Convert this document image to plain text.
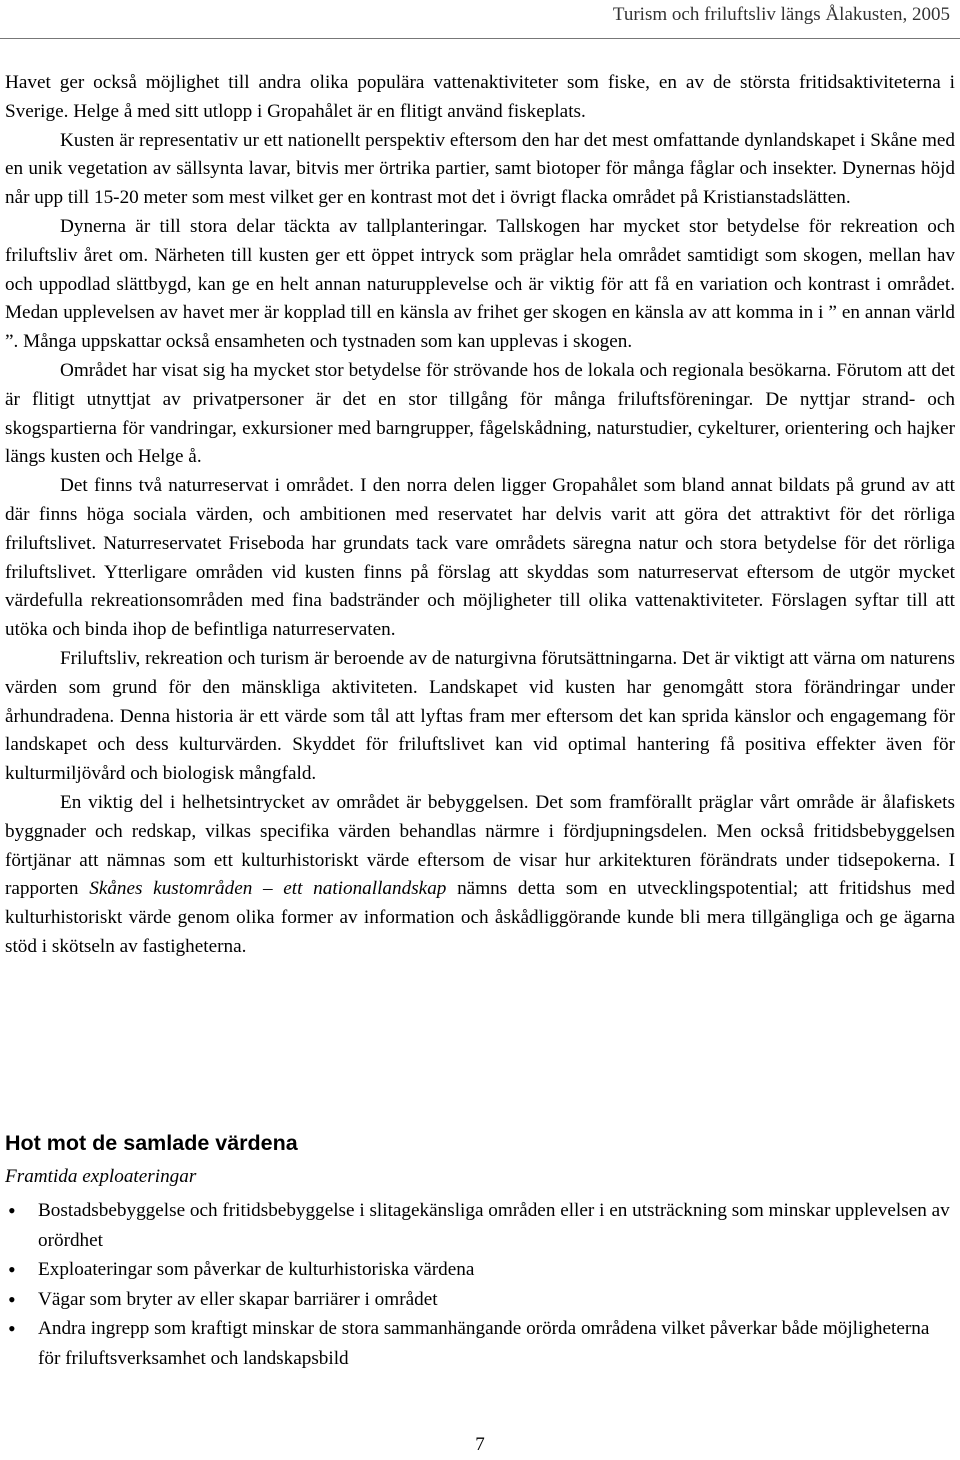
Turism och friluftsliv längs Ålakusten, 2005

Havet ger också möjlighet till andra olika populära vattenaktiviteter som fiske, en av de största fritidsaktiviteterna i Sverige. Helge å med sitt utlopp i Gropahålet är en flitigt använd fiskeplats.

Kusten är representativ ur ett nationellt perspektiv eftersom den har det mest omfattande dynlandskapet i Skåne med en unik vegetation av sällsynta lavar, bitvis mer örtrika partier, samt biotoper för många fåglar och insekter. Dynernas höjd når upp till 15-20 meter som mest vilket ger en kontrast mot det i övrigt flacka området på Kristianstadslätten.

Dynerna är till stora delar täckta av tallplanteringar. Tallskogen har mycket stor betydelse för rekreation och friluftsliv året om. Närheten till kusten ger ett öppet intryck som präglar hela området samtidigt som skogen, mellan hav och uppodlad slättbygd, kan ge en helt annan naturupplevelse och är viktig för att få en variation och kontrast i området. Medan upplevelsen av havet mer är kopplad till en känsla av frihet ger skogen en känsla av att komma in i ” en annan värld ”. Många uppskattar också ensamheten och tystnaden som kan upplevas i skogen.

Området har visat sig ha mycket stor betydelse för strövande hos de lokala och regionala besökarna. Förutom att det är flitigt utnyttjat av privatpersoner är det en stor tillgång för många friluftsföreningar. De nyttjar strand- och skogspartierna för vandringar, exkursioner med barngrupper, fågelskådning, naturstudier, cykelturer, orientering och hajker längs kusten och Helge å.

Det finns två naturreservat i området. I den norra delen ligger Gropahålet som bland annat bildats på grund av att där finns höga sociala värden, och ambitionen med reservatet har delvis varit att göra det attraktivt för det rörliga friluftslivet. Naturreservatet Friseboda har grundats tack vare områdets säregna natur och stora betydelse för det rörliga friluftslivet. Ytterligare områden vid kusten finns på förslag att skyddas som naturreservat eftersom de utgör mycket värdefulla rekreationsområden med fina badstränder och möjligheter till olika vattenaktiviteter. Förslagen syftar till att utöka och binda ihop de befintliga naturreservaten.

Friluftsliv, rekreation och turism är beroende av de naturgivna förutsättningarna. Det är viktigt att värna om naturens värden som grund för den mänskliga aktiviteten. Landskapet vid kusten har genomgått stora förändringar under århundradena. Denna historia är ett värde som tål att lyftas fram mer eftersom det kan sprida känslor och engagemang för landskapet och dess kulturvärden. Skyddet för friluftslivet kan vid optimal hantering få positiva effekter även för kulturmiljövård och biologisk mångfald.

En viktig del i helhetsintrycket av området är bebyggelsen. Det som framförallt präglar vårt område är ålafiskets byggnader och redskap, vilkas specifika värden behandlas närmre i fördjupningsdelen. Men också fritidsbebyggelsen förtjänar att nämnas som ett kulturhistoriskt värde eftersom de visar hur arkitekturen förändrats under tidsepokerna. I rapporten Skånes kustområden – ett nationallandskap nämns detta som en utvecklingspotential; att fritidshus med kulturhistoriskt värde genom olika former av information och åskådliggörande kunde bli mera tillgängliga och ge ägarna stöd i skötseln av fastigheterna.

Hot mot de samlade värdena
Framtida exploateringar
• Bostadsbebyggelse och fritidsbebyggelse i slitagekänsliga områden eller i en utsträckning som minskar upplevelsen av orördhet
• Exploateringar som påverkar de kulturhistoriska värdena
• Vägar som bryter av eller skapar barriärer i området
• Andra ingrepp som kraftigt minskar de stora sammanhängande orörda områdena vilket påverkar både möjligheterna för friluftsverksamhet och landskapsbild
7
